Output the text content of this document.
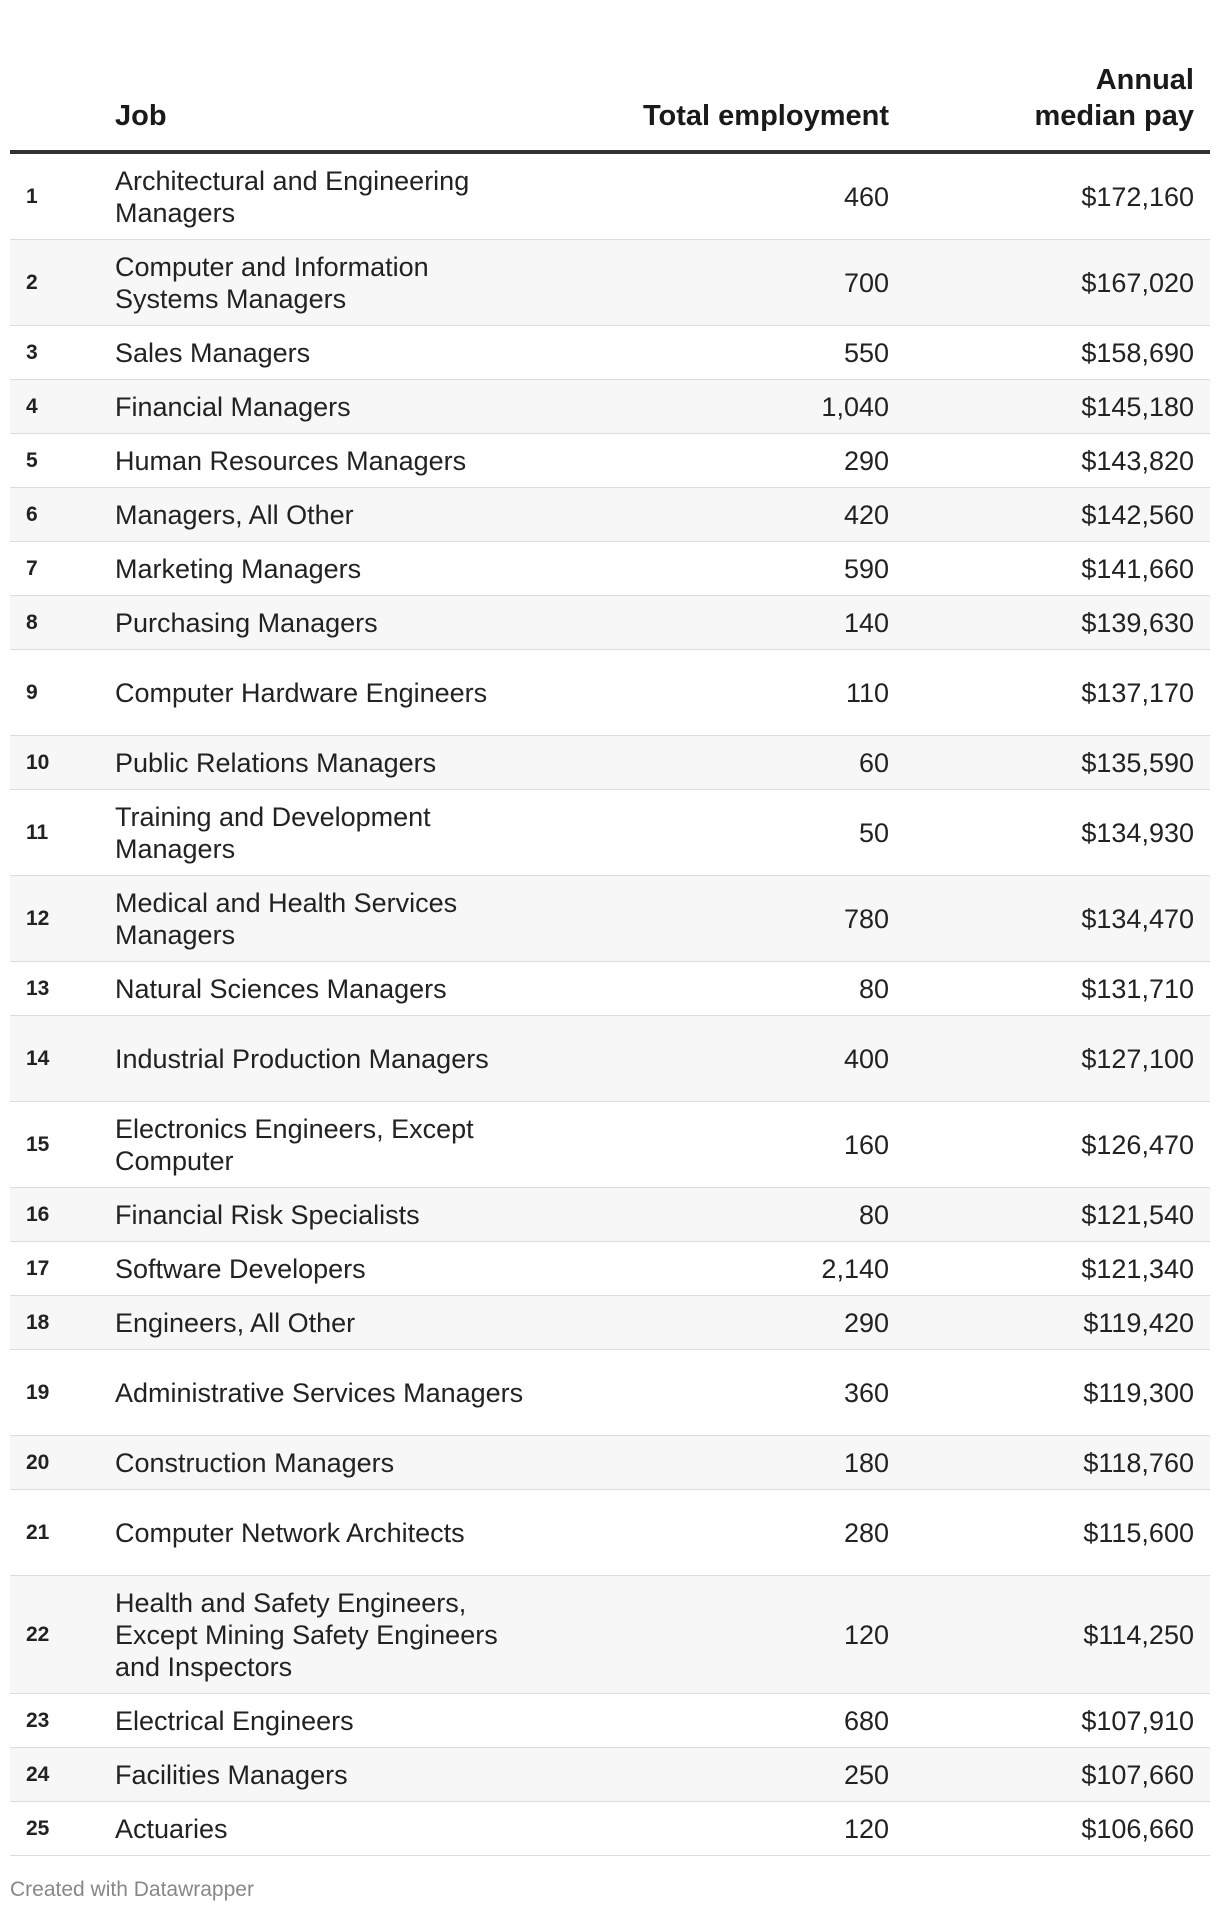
	Job	Total employment	Annual median pay
1	Architectural and Engineering Managers	460	$172,160
2	Computer and Information Systems Managers	700	$167,020
3	Sales Managers	550	$158,690
4	Financial Managers	1,040	$145,180
5	Human Resources Managers	290	$143,820
6	Managers, All Other	420	$142,560
7	Marketing Managers	590	$141,660
8	Purchasing Managers	140	$139,630
9	Computer Hardware Engineers	110	$137,170
10	Public Relations Managers	60	$135,590
11	Training and Development Managers	50	$134,930
12	Medical and Health Services Managers	780	$134,470
13	Natural Sciences Managers	80	$131,710
14	Industrial Production Managers	400	$127,100
15	Electronics Engineers, Except Computer	160	$126,470
16	Financial Risk Specialists	80	$121,540
17	Software Developers	2,140	$121,340
18	Engineers, All Other	290	$119,420
19	Administrative Services Managers	360	$119,300
20	Construction Managers	180	$118,760
21	Computer Network Architects	280	$115,600
22	Health and Safety Engineers, Except Mining Safety Engineers and Inspectors	120	$114,250
23	Electrical Engineers	680	$107,910
24	Facilities Managers	250	$107,660
25	Actuaries	120	$106,660
Created with Datawrapper
